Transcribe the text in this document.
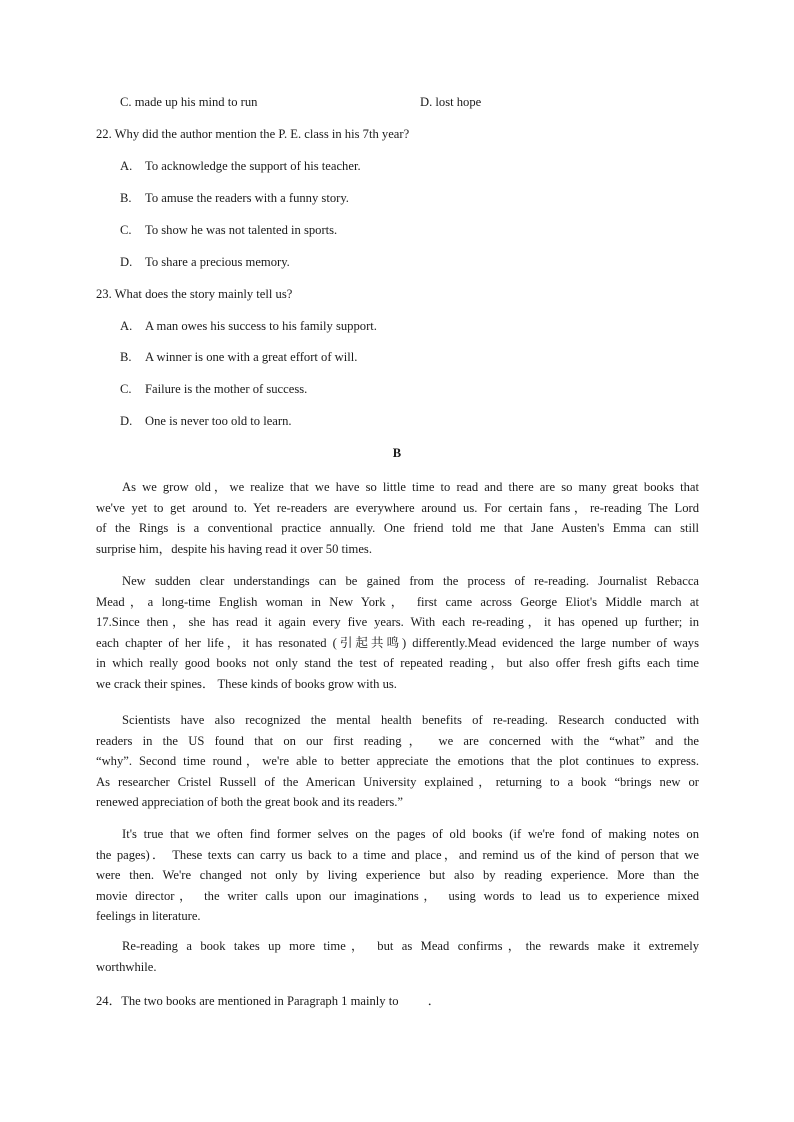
C. made up his mind to run	D. lost hope
22. Why did the author mention the P. E. class in his 7th year?
A. To acknowledge the support of his teacher.
B. To amuse the readers with a funny story.
C. To show he was not talented in sports.
D. To share a precious memory.
23. What does the story mainly tell us?
A. A man owes his success to his family support.
B. A winner is one with a great effort of will.
C. Failure is the mother of success.
D. One is never too old to learn.
B
As we grow old，we realize that we have so little time to read and there are so many great books that
we've yet to get around to. Yet re-readers are everywhere around us. For certain fans，re-reading The Lord
of the Rings is a conventional practice annually. One friend told me that Jane Austen's Emma can still
surprise him，despite his having read it over 50 times.
New sudden clear understandings can be gained from the process of re-reading. Journalist Rebacca
Mead，a long-time English woman in New York， first came across George Eliot's Middle march at
17.Since then，she has read it again every five years. With each re-reading，it has opened up further; in
each chapter of her life，it has resonated (引起共鸣) differently.Mead evidenced the large number of ways
in which really good books not only stand the test of repeated reading，but also offer fresh gifts each time
we crack their spines． These kinds of books grow with us.
Scientists have also recognized the mental health benefits of re-reading. Research conducted with
readers in the US found that on our first reading， we are concerned with the “what” and the
“why”. Second time round，we're able to better appreciate the emotions that the plot continues to express.
As researcher Cristel Russell of the American University explained，returning to a book “brings new or
renewed appreciation of both the great book and its readers.”
It's true that we often find former selves on the pages of old books (if we're fond of making notes on
the pages)． These texts can carry us back to a time and place，and remind us of the kind of person that we
were then. We're changed not only by living experience but also by reading experience. More than the
movie director， the writer calls upon our imaginations， using words to lead us to experience mixed
feelings in literature.
Re-reading a book takes up more time， but as Mead confirms，the rewards make it extremely
worthwhile.
24．The two books are mentioned in Paragraph 1 mainly to ．
